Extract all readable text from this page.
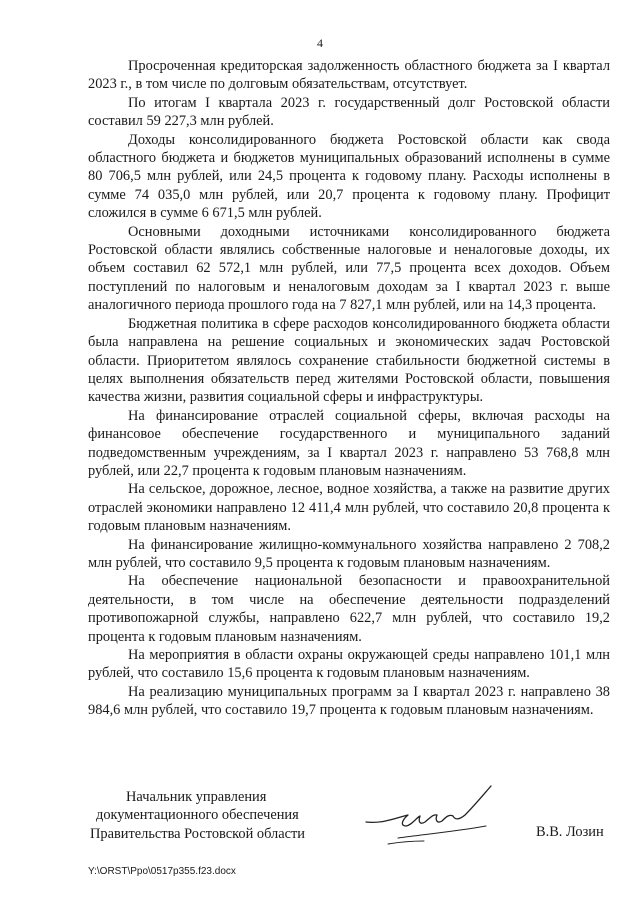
4

Просроченная кредиторская задолженность областного бюджета за I квартал 2023 г., в том числе по долговым обязательствам, отсутствует.

По итогам I квартала 2023 г. государственный долг Ростовской области составил 59 227,3 млн рублей.

Доходы консолидированного бюджета Ростовской области как свода областного бюджета и бюджетов муниципальных образований исполнены в сумме 80 706,5 млн рублей, или 24,5 процента к годовому плану. Расходы исполнены в сумме 74 035,0 млн рублей, или 20,7 процента к годовому плану. Профицит сложился в сумме 6 671,5 млн рублей.

Основными доходными источниками консолидированного бюджета Ростовской области являлись собственные налоговые и неналоговые доходы, их объем составил 62 572,1 млн рублей, или 77,5 процента всех доходов. Объем поступлений по налоговым и неналоговым доходам за I квартал 2023 г. выше аналогичного периода прошлого года на 7 827,1 млн рублей, или на 14,3 процента.

Бюджетная политика в сфере расходов консолидированного бюджета области была направлена на решение социальных и экономических задач Ростовской области. Приоритетом являлось сохранение стабильности бюджетной системы в целях выполнения обязательств перед жителями Ростовской области, повышения качества жизни, развития социальной сферы и инфраструктуры.

На финансирование отраслей социальной сферы, включая расходы на финансовое обеспечение государственного и муниципального заданий подведомственным учреждениям, за I квартал 2023 г. направлено 53 768,8 млн рублей, или 22,7 процента к годовым плановым назначениям.

На сельское, дорожное, лесное, водное хозяйства, а также на развитие других отраслей экономики направлено 12 411,4 млн рублей, что составило 20,8 процента к годовым плановым назначениям.

На финансирование жилищно-коммунального хозяйства направлено 2 708,2 млн рублей, что составило 9,5 процента к годовым плановым назначениям.

На обеспечение национальной безопасности и правоохранительной деятельности, в том числе на обеспечение деятельности подразделений противопожарной службы, направлено 622,7 млн рублей, что составило 19,2 процента к годовым плановым назначениям.

На мероприятия в области охраны окружающей среды направлено 101,1 млн рублей, что составило 15,6 процента к годовым плановым назначениям.

На реализацию муниципальных программ за I квартал 2023 г. направлено 38 984,6 млн рублей, что составило 19,7 процента к годовым плановым назначениям.

Начальник управления
документационного обеспечения
Правительства Ростовской области	В.В. Лозин
Y:\ORST\Ppo\0517p355.f23.docx
